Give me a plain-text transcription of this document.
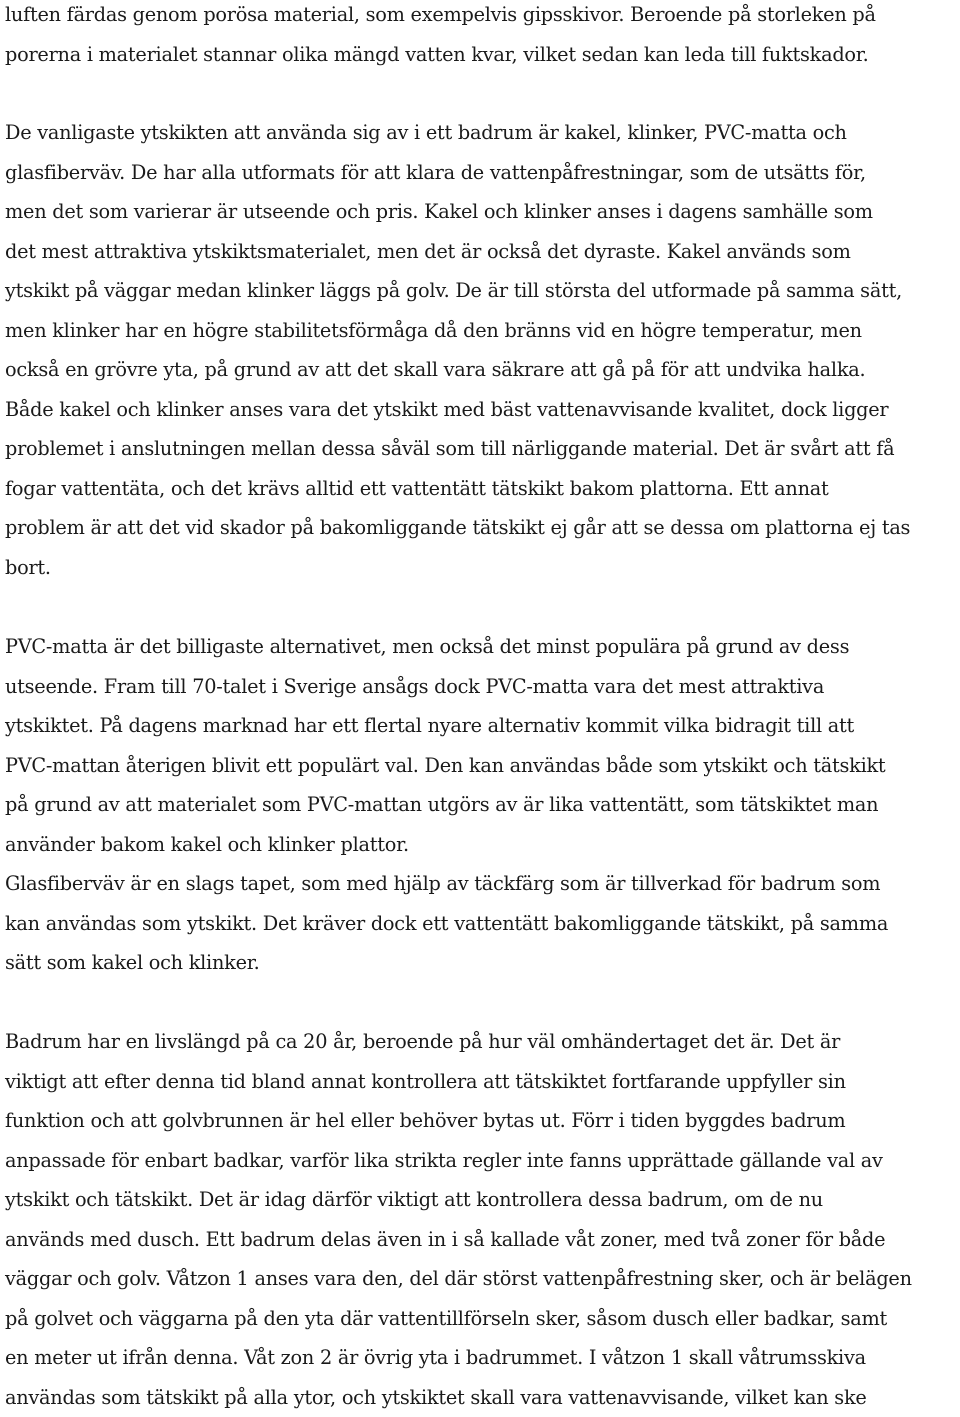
luften färdas genom porösa material, som exempelvis gipsskivor. Beroende på storleken på
porerna i materialet stannar olika mängd vatten kvar, vilket sedan kan leda till fuktskador.
De vanligaste ytskikten att använda sig av i ett badrum är kakel, klinker, PVC-matta och
glasfiberväv. De har alla utformats för att klara de vattenpåfrestningar, som de utsätts för,
men det som varierar är utseende och pris. Kakel och klinker anses i dagens samhälle som
det mest attraktiva ytskiktsmaterialet, men det är också det dyraste. Kakel används som
ytskikt på väggar medan klinker läggs på golv. De är till största del utformade på samma sätt,
men klinker har en högre stabilitetsförmåga då den bränns vid en högre temperatur, men
också en grövre yta, på grund av att det skall vara säkrare att gå på för att undvika halka.
Både kakel och klinker anses vara det ytskikt med bäst vattenavvisande kvalitet, dock ligger
problemet i anslutningen mellan dessa såväl som till närliggande material. Det är svårt att få
fogar vattentäta, och det krävs alltid ett vattentätt tätskikt bakom plattorna. Ett annat
problem är att det vid skador på bakomliggande tätskikt ej går att se dessa om plattorna ej tas
bort.
PVC-matta är det billigaste alternativet, men också det minst populära på grund av dess
utseende. Fram till 70-talet i Sverige ansågs dock PVC-matta vara det mest attraktiva
ytskiktet. På dagens marknad har ett flertal nyare alternativ kommit vilka bidragit till att
PVC-mattan återigen blivit ett populärt val. Den kan användas både som ytskikt och tätskikt
på grund av att materialet som PVC-mattan utgörs av är lika vattentätt, som tätskiktet man
använder bakom kakel och klinker plattor.
Glasfiberväv är en slags tapet, som med hjälp av täckfärg som är tillverkad för badrum som
kan användas som ytskikt. Det kräver dock ett vattentätt bakomliggande tätskikt, på samma
sätt som kakel och klinker.
Badrum har en livslängd på ca 20 år, beroende på hur väl omhändertaget det är. Det är
viktigt att efter denna tid bland annat kontrollera att tätskiktet fortfarande uppfyller sin
funktion och att golvbrunnen är hel eller behöver bytas ut. Förr i tiden byggdes badrum
anpassade för enbart badkar, varför lika strikta regler inte fanns upprättade gällande val av
ytskikt och tätskikt. Det är idag därför viktigt att kontrollera dessa badrum, om de nu
används med dusch. Ett badrum delas även in i så kallade våt zoner, med två zoner för både
väggar och golv. Våtzon 1 anses vara den, del där störst vattenpåfrestning sker, och är belägen
på golvet och väggarna på den yta där vattentillförseln sker, såsom dusch eller badkar, samt
en meter ut ifrån denna. Våt zon 2 är övrig yta i badrummet. I våtzon 1 skall våtrumsskiva
användas som tätskikt på alla ytor, och ytskiktet skall vara vattenavvisande, vilket kan ske
